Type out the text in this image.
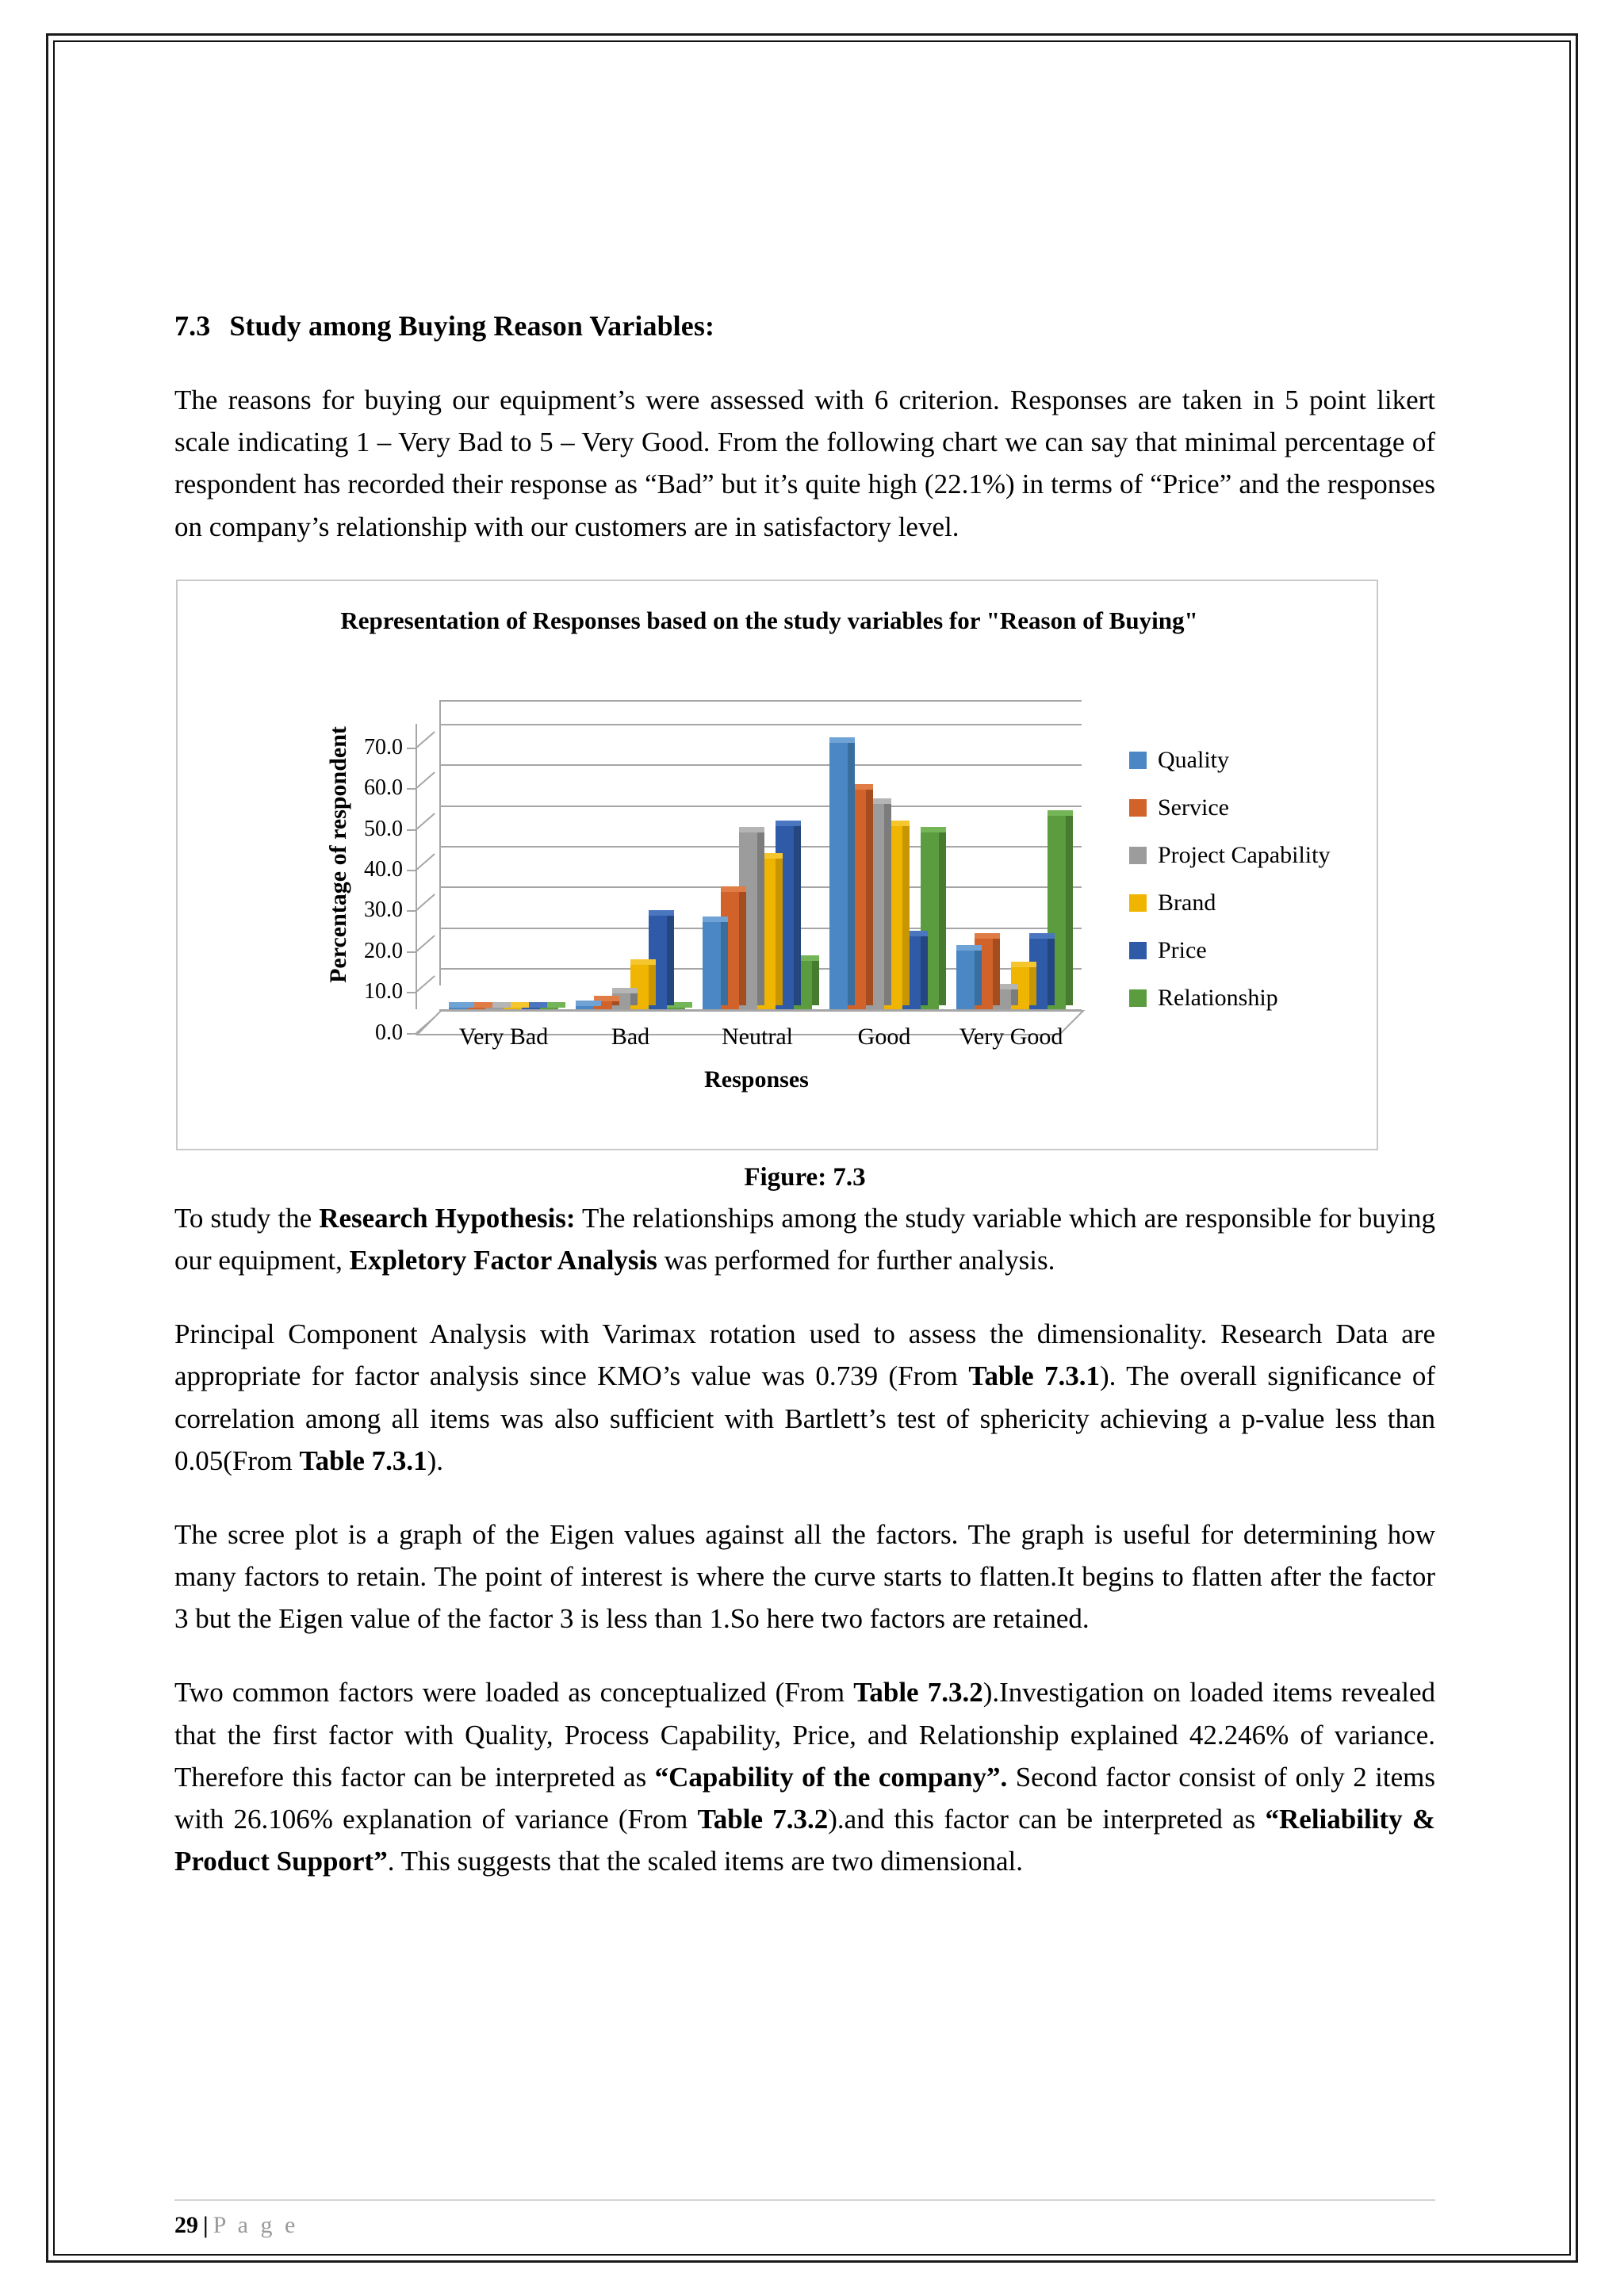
7.3 Study among Buying Reason Variables:

The reasons for buying our equipment’s were assessed with 6 criterion. Responses are taken in 5 point likert scale indicating 1 – Very Bad to 5 – Very Good. From the following chart we can say that minimal percentage of respondent has recorded their response as “Bad” but it’s quite high (22.1%) in terms of “Price” and the responses on company’s relationship with our customers are in satisfactory level.

Representation of Responses based on the study variables for "Reason of Buying"
Percentage of respondent
0.0
10.0
20.0
30.0
40.0
50.0
60.0
70.0
Very Bad	Bad	Neutral	Good Very Good
Responses
Quality
Service
Project Capability
Brand
Price
Relationship
Figure: 7.3

To study the Research Hypothesis: The relationships among the study variable which are responsible for buying our equipment, Expletory Factor Analysis was performed for further analysis.

Principal Component Analysis with Varimax rotation used to assess the dimensionality. Research Data are appropriate for factor analysis since KMO’s value was 0.739 (From Table 7.3.1). The overall significance of correlation among all items was also sufficient with Bartlett’s test of sphericity achieving a p-value less than 0.05(From Table 7.3.1).

The scree plot is a graph of the Eigen values against all the factors. The graph is useful for determining how many factors to retain. The point of interest is where the curve starts to flatten.It begins to flatten after the factor 3 but the Eigen value of the factor 3 is less than 1.So here two factors are retained.

Two common factors were loaded as conceptualized (From Table 7.3.2).Investigation on loaded items revealed that the first factor with Quality, Process Capability, Price, and Relationship explained 42.246% of variance. Therefore this factor can be interpreted as “Capability of the company”. Second factor consist of only 2 items with 26.106% explanation of variance (From Table 7.3.2).and this factor can be interpreted as “Reliability & Product Support”. This suggests that the scaled items are two dimensional.

29 | P a g e
